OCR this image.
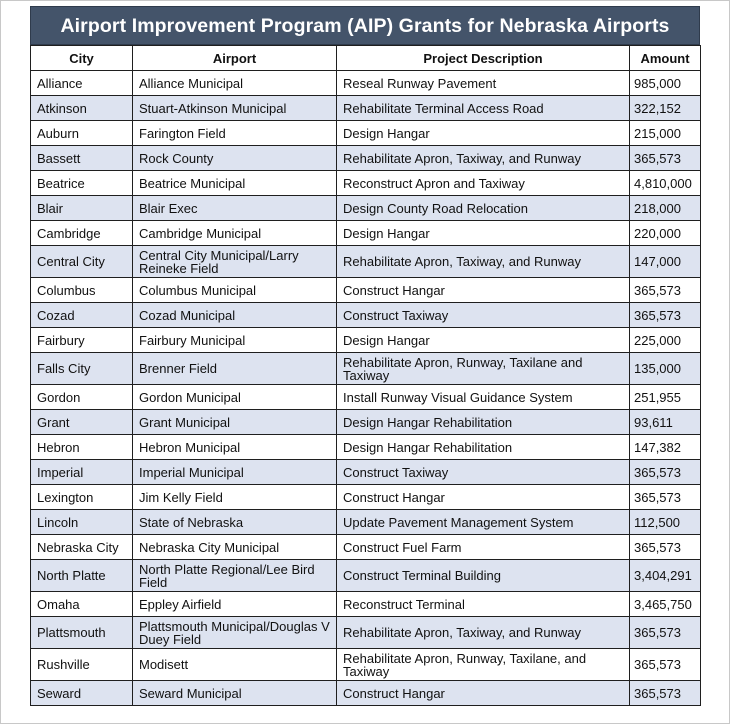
Airport Improvement Program (AIP) Grants for Nebraska Airports
City	Airport	Project Description	Amount
Alliance	Alliance Municipal	Reseal Runway Pavement	985,000
Atkinson	Stuart-Atkinson Municipal	Rehabilitate Terminal Access Road	322,152
Auburn	Farington Field	Design Hangar	215,000
Bassett	Rock County	Rehabilitate Apron, Taxiway, and Runway	365,573
Beatrice	Beatrice Municipal	Reconstruct Apron and Taxiway	4,810,000
Blair	Blair Exec	Design County Road Relocation	218,000
Cambridge	Cambridge Municipal	Design Hangar	220,000
Central City	Central City Municipal/Larry Reineke Field	Rehabilitate Apron, Taxiway, and Runway	147,000
Columbus	Columbus Municipal	Construct Hangar	365,573
Cozad	Cozad Municipal	Construct Taxiway	365,573
Fairbury	Fairbury Municipal	Design Hangar	225,000
Falls City	Brenner Field	Rehabilitate Apron, Runway, Taxilane and Taxiway	135,000
Gordon	Gordon Municipal	Install Runway Visual Guidance System	251,955
Grant	Grant Municipal	Design Hangar Rehabilitation	93,611
Hebron	Hebron Municipal	Design Hangar Rehabilitation	147,382
Imperial	Imperial Municipal	Construct Taxiway	365,573
Lexington	Jim Kelly Field	Construct Hangar	365,573
Lincoln	State of Nebraska	Update Pavement Management System	112,500
Nebraska City	Nebraska City Municipal	Construct Fuel Farm	365,573
North Platte	North Platte Regional/Lee Bird Field	Construct Terminal Building	3,404,291
Omaha	Eppley Airfield	Reconstruct Terminal	3,465,750
Plattsmouth	Plattsmouth Municipal/Douglas V Duey Field	Rehabilitate Apron, Taxiway, and Runway	365,573
Rushville	Modisett	Rehabilitate Apron, Runway, Taxilane, and Taxiway	365,573
Seward	Seward Municipal	Construct Hangar	365,573
